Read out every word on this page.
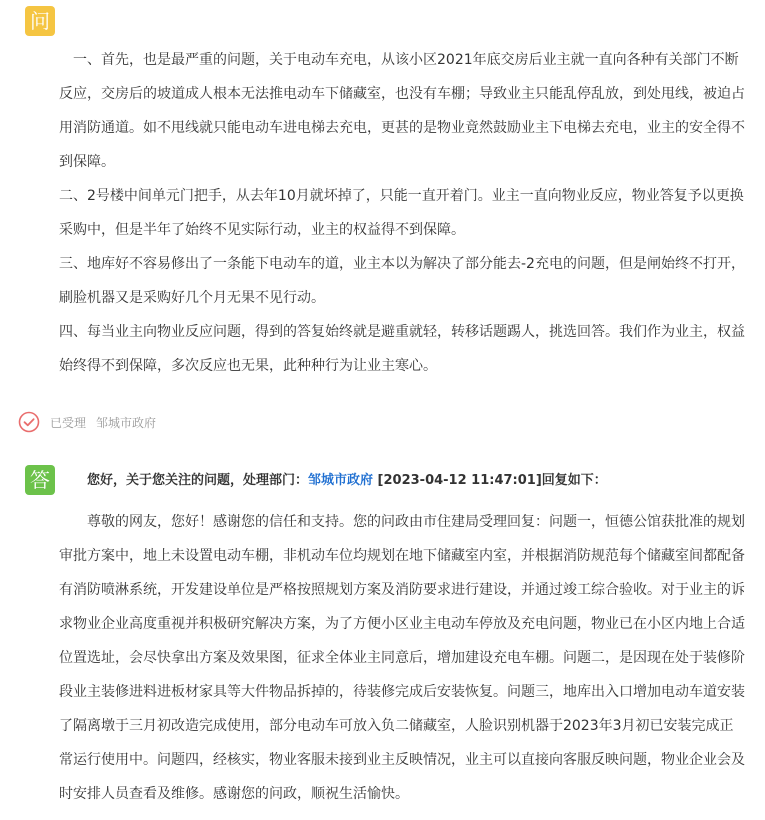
问

一、首先，也是最严重的问题，关于电动车充电，从该小区2021年底交房后业主就一直向各种有关部门不断反应，交房后的坡道成人根本无法推电动车下储藏室，也没有车棚；导致业主只能乱停乱放，到处甩线，被迫占用消防通道。如不甩线就只能电动车进电梯去充电，更甚的是物业竟然鼓励业主下电梯去充电，业主的安全得不到保障。

二、2号楼中间单元门把手，从去年10月就坏掉了，只能一直开着门。业主一直向物业反应，物业答复予以更换采购中，但是半年了始终不见实际行动，业主的权益得不到保障。

三、地库好不容易修出了一条能下电动车的道，业主本以为解决了部分能去-2充电的问题，但是闸始终不打开，刷脸机器又是采购好几个月无果不见行动。

四、每当业主向物业反应问题，得到的答复始终就是避重就轻，转移话题踢人，挑选回答。我们作为业主，权益始终得不到保障，多次反应也无果，此种种行为让业主寒心。

已受理 邹城市政府
答	您好，关于您关注的问题，处理部门：邹城市政府 [2023-04-12 11:47:01]回复如下：

尊敬的网友，您好！感谢您的信任和支持。您的问政由市住建局受理回复：问题一，恒德公馆获批准的规划审批方案中，地上未设置电动车棚，非机动车位均规划在地下储藏室内室，并根据消防规范每个储藏室间都配备有消防喷淋系统，开发建设单位是严格按照规划方案及消防要求进行建设，并通过竣工综合验收。对于业主的诉求物业企业高度重视并积极研究解决方案，为了方便小区业主电动车停放及充电问题，物业已在小区内地上合适位置选址，会尽快拿出方案及效果图，征求全体业主同意后，增加建设充电车棚。问题二，是因现在处于装修阶段业主装修进料进板材家具等大件物品拆掉的，待装修完成后安装恢复。问题三，地库出入口增加电动车道安装了隔离墩于三月初改造完成使用，部分电动车可放入负二储藏室，人脸识别机器于2023年3月初已安装完成正常运行使用中。问题四，经核实，物业客服未接到业主反映情况，业主可以直接向客服反映问题，物业企业会及时安排人员查看及维修。感谢您的问政，顺祝生活愉快。
